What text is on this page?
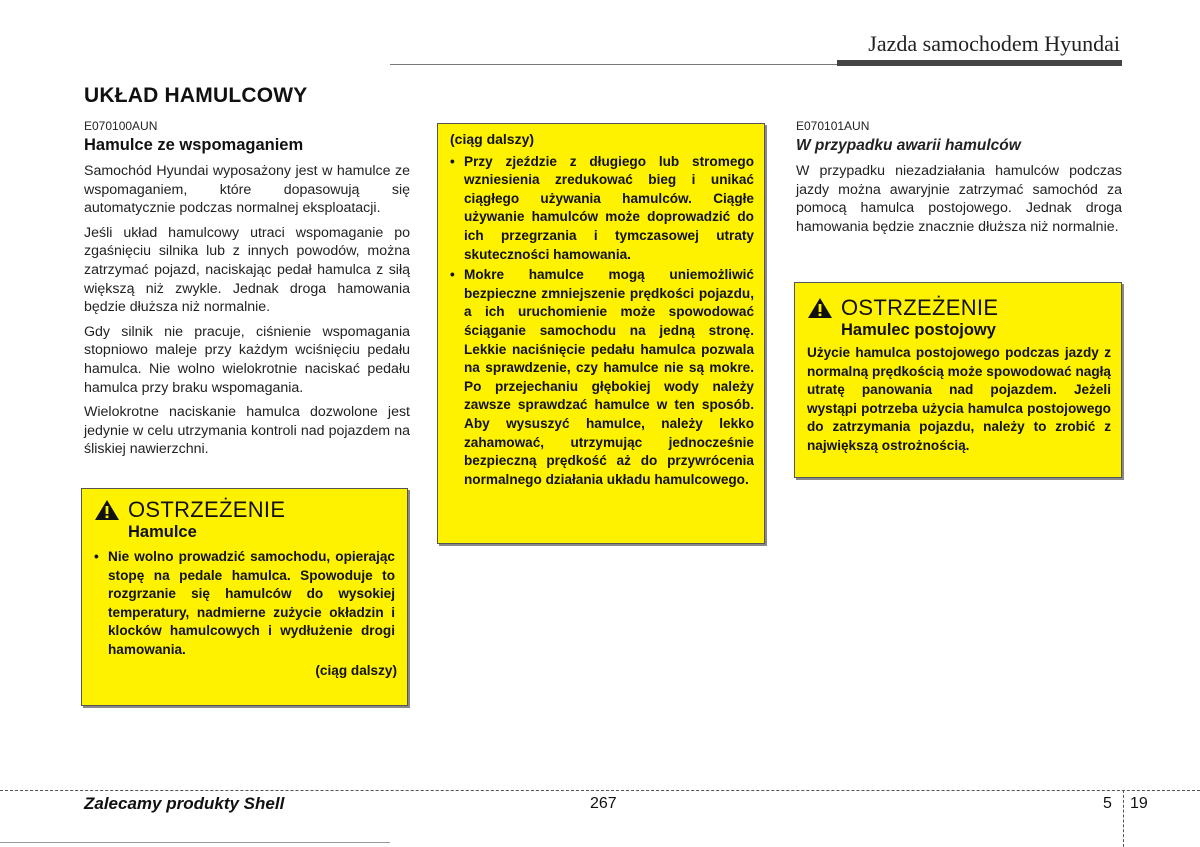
Jazda samochodem Hyundai
UKŁAD HAMULCOWY
E070100AUN
Hamulce ze wspomaganiem

Samochód Hyundai wyposażony jest w hamulce ze wspomaganiem, które dopasowują się automatycznie podczas normalnej eksploatacji.

Jeśli układ hamulcowy utraci wspomaganie po zgaśnięciu silnika lub z innych powodów, można zatrzymać pojazd, naciskając pedał hamulca z siłą większą niż zwykle. Jednak droga hamowania będzie dłuższa niż normalnie.

Gdy silnik nie pracuje, ciśnienie wspomagania stopniowo maleje przy każdym wciśnięciu pedału hamulca. Nie wolno wielokrotnie naciskać pedału hamulca przy braku wspomagania.

Wielokrotne naciskanie hamulca dozwolone jest jedynie w celu utrzymania kontroli nad pojazdem na śliskiej nawierzchni.

OSTRZEŻENIE
Hamulce
• Nie wolno prowadzić samochodu, opierając stopę na pedale hamulca. Spowoduje to rozgrzanie się hamulców do wysokiej temperatury, nadmierne zużycie okładzin i klocków hamulcowych i wydłużenie drogi hamowania.
(ciąg dalszy)
(ciąg dalszy)
• Przy zjeździe z długiego lub stromego wzniesienia zredukować bieg i unikać ciągłego używania hamulców. Ciągłe używanie hamulców może doprowadzić do ich przegrzania i tymczasowej utraty skuteczności hamowania.
• Mokre hamulce mogą uniemożliwić bezpieczne zmniejszenie prędkości pojazdu, a ich uruchomienie może spowodować ściąganie samochodu na jedną stronę. Lekkie naciśnięcie pedału hamulca pozwala na sprawdzenie, czy hamulce nie są mokre. Po przejechaniu głębokiej wody należy zawsze sprawdzać hamulce w ten sposób. Aby wysuszyć hamulce, należy lekko zahamować, utrzymując jednocześnie bezpieczną prędkość aż do przywrócenia normalnego działania układu hamulcowego.
E070101AUN
W przypadku awarii hamulców

W przypadku niezadziałania hamulców podczas jazdy można awaryjnie zatrzymać samochód za pomocą hamulca postojowego. Jednak droga hamowania będzie znacznie dłuższa niż normalnie.

OSTRZEŻENIE
Hamulec postojowy
Użycie hamulca postojowego podczas jazdy z normalną prędkością może spowodować nagłą utratę panowania nad pojazdem. Jeżeli wystąpi potrzeba użycia hamulca postojowego do zatrzymania pojazdu, należy to zrobić z największą ostrożnością.
Zalecamy produkty Shell	267	5 19
